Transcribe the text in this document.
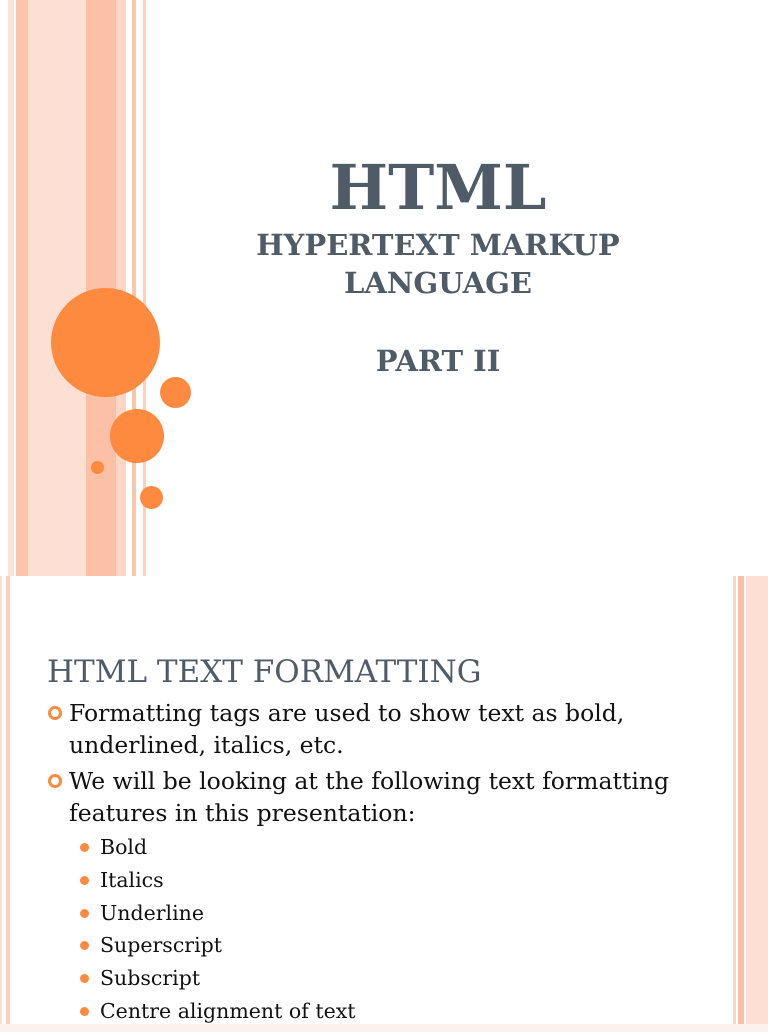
HTML
HYPERTEXT MARKUP
LANGUAGE
PART II
HTML TEXT FORMATTING
Formatting tags are used to show text as bold,
underlined, italics, etc.
We will be looking at the following text formatting
features in this presentation:
Bold
Italics
Underline
Superscript
Subscript
Centre alignment of text
